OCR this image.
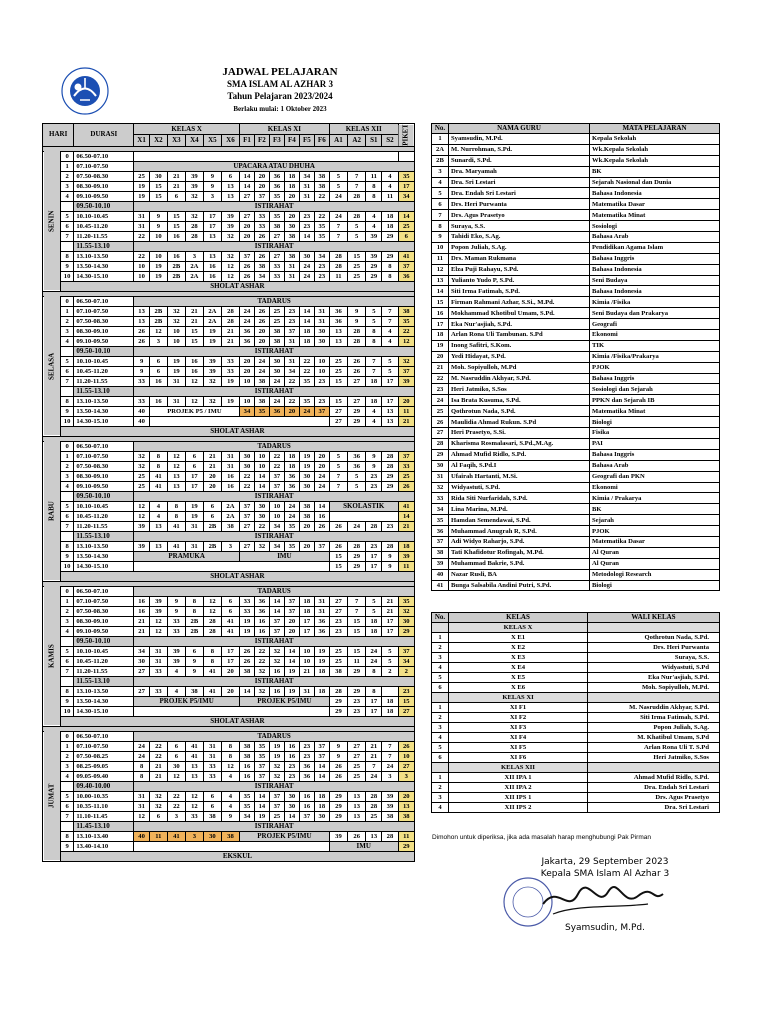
JADWAL PELAJARAN
SMA ISLAM AL AZHAR 3
Tahun Pelajaran 2023/2024
Berlaku mulai: 1 Oktober 2023
HARI		DURASI	KELAS X						KELAS XI						KELAS XII				PIKET
			X1	X2	X3	X4	X5	X6	F1	F2	F3	F4	F5	F6	A1	A2	S1	S2	

SENIN	0	06.50-07.10																	
	1	07.10-07.50	UPACARA ATAU DHUHA																
	2	07.50-08.30	25	30	21	39	9	6	14	20	36	18	34	38	5	7	11	4	35
	3	08.30-09.10	19	15	21	39	9	13	14	20	36	18	31	38	5	7	8	4	17
	4	09.10-09.50	19	15	6	32	3	13	27	37	35	20	31	22	24	28	8	11	34
		09.50-10.10	ISTIRAHAT																
	5	10.10-10.45	31	9	15	32	17	39	27	33	35	20	23	22	24	28	4	18	14
	6	10.45-11.20	31	9	15	28	17	39	20	33	38	30	23	35	7	5	4	18	25
	7	11.20-11.55	22	10	16	28	13	32	20	26	27	38	14	35	7	5	39	29	6
		11.55-13.10	ISTIRAHAT																
	8	13.10-13.50	22	10	16	3	13	32	37	26	27	38	30	34	28	15	39	29	41
	9	13.50-14.30	10	19	2B	2A	16	12	26	38	33	31	24	23	28	25	29	8	37
	10	14.30-15.10	10	19	2B	2A	16	12	26	34	33	31	24	23	11	25	29	8	36
	SHOLAT ASHAR																		

SELASA	0	06.50-07.10	TADARUS																
	1	07.10-07.50	13	2B	32	21	2A	28	24	26	25	23	14	31	36	9	5	7	38
	2	07.50-08.30	13	2B	32	21	2A	28	24	26	25	23	14	31	36	9	5	7	35
	3	08.30-09.10	26	12	10	15	19	21	36	20	38	37	18	30	13	28	8	4	22
	4	09.10-09.50	26	3	10	15	19	21	36	20	38	31	18	30	13	28	8	4	12
		09.50-10.10	ISTIRAHAT																
	5	10.10-10.45	9	6	19	16	39	33	20	24	30	31	22	10	25	26	7	5	32
	6	10.45-11.20	9	6	19	16	39	33	20	24	30	34	22	10	25	26	7	5	37
	7	11.20-11.55	33	16	31	12	32	19	10	38	24	22	35	23	15	27	18	17	39
		11.55-13.10	ISTIRAHAT																
	8	13.10-13.50	33	16	31	12	32	19	10	38	24	22	35	23	15	27	18	17	20
	9	13.50-14.30	40	PROJEK P5 / IMU					34	35	36	20	24	37	27	29	4	13	11
	10	14.30-15.10	40												27	29	4	13	21
	SHOLAT ASHAR																		

RABU	0	06.50-07.10	TADARUS																
	1	07.10-07.50	32	8	12	6	21	31	30	10	22	18	19	20	5	36	9	28	37
	2	07.50-08.30	32	8	12	6	21	31	30	10	22	18	19	20	5	36	9	28	33
	3	08.30-09.10	25	41	13	17	20	16	22	14	37	36	30	24	7	5	23	29	25
	4	09.10-09.50	25	41	13	17	20	16	22	14	37	36	30	24	7	5	23	29	26
		09.50-10.10	ISTIRAHAT																
	5	10.10-10.45	12	4	8	19	6	2A	37	30	10	24	38	14	SKOLASTIK				41
	6	10.45-11.20	12	4	8	19	6	2A	37	30	10	24	38	16					14
	7	11.20-11.55	39	13	41	31	2B	38	27	22	34	35	20	26	26	24	28	23	21
		11.55-13.10	ISTIRAHAT																
	8	13.10-13.50	39	13	41	31	2B	3	27	32	34	35	20	37	26	28	23	28	18
	9	13.50-14.30	PRAMUKA						IMU						15	29	17	9	39
	10	14.30-15.10													15	29	17	9	11
	SHOLAT ASHAR																		

KAMIS	0	06.50-07.10	TADARUS																
	1	07.10-07.50	16	39	9	8	12	6	33	36	14	37	18	31	27	7	5	21	35
	2	07.50-08.30	16	39	9	8	12	6	33	36	14	37	18	31	27	7	5	21	32
	3	08.30-09.10	21	12	33	2B	28	41	19	16	37	20	17	36	23	15	18	17	30
	4	09.10-09.50	21	12	33	2B	28	41	19	16	37	20	17	36	23	15	18	17	29
		09.50-10.10	ISTIRAHAT																
	5	10.10-10.45	34	31	39	6	8	17	26	22	32	14	10	19	25	15	24	5	37
	6	10.45-11.20	30	31	39	9	8	17	26	22	32	14	10	19	25	11	24	5	34
	7	11.20-11.55	27	33	4	9	41	20	38	32	16	19	21	18	38	29	8	2	2
		11.55-13.10	ISTIRAHAT																
	8	13.10-13.50	27	33	4	38	41	20	14	32	16	19	31	18	28	29	8		23
	9	13.50-14.30	PROJEK P5/IMU						PROJEK P5/IMU						29	23	17	18	15
	10	14.30-15.10													29	23	17	18	27
	SHOLAT ASHAR																		

JUMAT	0	06.50-07.10	TADARUS																
	1	07.10-07.50	24	22	6	41	31	8	38	35	19	16	23	37	9	27	21	7	26
	2	07.50-08.25	24	22	6	41	31	8	38	35	19	16	23	37	9	27	21	7	10
	3	08.25-09.05	8	21	30	13	33	12	16	37	32	23	36	14	26	25	7	24	27
	4	09.05-09.40	8	21	12	13	33	4	16	37	32	23	36	14	26	25	24	3	3
		09.40-10.00	ISTIRAHAT																
	5	10.00-10.35	31	32	22	12	6	4	35	14	37	30	16	18	29	13	28	39	20
	6	10.35-11.10	31	32	22	12	6	4	35	14	37	30	16	18	29	13	28	39	13
	7	11.10-11.45	12	6	3	33	38	9	34	19	25	14	37	30	29	13	25	38	38
		11.45-13.10	ISTIRAHAT																
	8	13.10-13.40	40	11	41	3	30	38	PROJEK P5/IMU						39	26	13	28	11
	9	13.40-14.10													IMU				29
	EKSKUL																		
No.	NAMA GURU	MATA PELAJARAN
1	Syamsudin, M.Pd.	Kepala Sekolah
2A	M. Nurrohman, S.Pd.	Wk.Kepala Sekolah
2B	Sunardi, S.Pd.	Wk.Kepala Sekolah
3	Dra. Maryamah	BK
4	Dra. Sri Lestari	Sejarah Nasional dan Dunia
5	Dra. Endah Sri Lestari	Bahasa Indonesia
6	Drs. Heri Purwanta	Matematika Dasar
7	Drs. Agus Prasetyo	Matematika Minat
8	Suraya, S.S.	Sosiologi
9	Tahidi Eko, S.Ag.	Bahasa Arab
10	Popon Juliah, S.Ag.	Pendidikan Agama Islam
11	Drs. Maman Rukmana	Bahasa Inggris
12	Elza Puji Rahayu, S.Pd.	Bahasa Indonesia
13	Yulianto Yudo P, S.Pd.	Seni Budaya
14	Siti Irma Fatimah, S.Pd.	Bahasa Indonesia
15	Firman Rahmani Azhar, S.Si., M.Pd.	Kimia /Fisika
16	Mokhammad Khotibul Umam, S.Pd.	Seni Budaya dan Prakarya
17	Eka Nur'asjiah, S.Pd.	Geografi
18	Arlan Rona Uli Tambunan. S.Pd	Ekonomi
19	Inong Safitri, S.Kom.	TIK
20	Yedi Hidayat, S.Pd.	Kimia /Fisika/Prakarya
21	Moh. Sopiyulloh, M.Pd	PJOK
22	M. Nasruddin Akhyar, S.Pd.	Bahasa Inggris
23	Heri Jatmiko, S.Sos	Sosiologi dan Sejarah
24	Isa Brata Kusuma, S.Pd.	PPKN dan Sejarah IB
25	Qothrotun Nada, S.Pd.	Matematika Minat
26	Maulidia Ahmad Rukun. S.Pd	Biologi
27	Heri Prasetyo, S.Si.	Fisika
28	Kharisma Rosmalasari, S.Pd.,M.Ag.	PAI
29	Ahmad Mufid Ridlo, S.Pd.	Bahasa Inggris
30	Al Faqih, S.Pd.I	Bahasa Arab
31	Ufairah Hartanti, M.Si.	Geografi dan PKN
32	Widyastuti, S.Pd.	Ekonomi
33	Rida Siti Nurfaridah, S.Pd.	Kimia / Prakarya
34	Lina Marina, M.Pd.	BK
35	Hamdan Semendawai, S.Pd.	Sejarah
36	Muhammad Anugrah R, S.Pd.	PJOK
37	Adi Widyo Raharjo, S.Pd.	Matematika Dasar
38	Tati Khafidotur Rofingah, M.Pd.	Al Quran
39	Muhammad Bakrie, S.Pd.	Al Quran
40	Nazar Rusli, BA	Metodologi Research
41	Bunga Salsabila Andini Putri, S.Pd.	Biologi
No.	KELAS	WALI KELAS
	KELAS X	
1	X E1	Qothrotun Nada, S.Pd.
2	X E2	Drs. Heri Purwanta
3	X E3	Suraya, S.S.
4	X E4	Widyastuti, S.Pd
5	X E5	Eka Nur'asjiah, S.Pd.
6	X E6	Moh. Sopiyulloh, M.Pd.
	KELAS XI	
1	XI F1	M. Nasruddin Akhyar, S.Pd.
2	XI F2	Siti Irma Fatimah, S.Pd.
3	XI F3	Popon Juliah, S.Ag.
4	XI F4	M. Khatibul Umam, S.Pd
5	XI F5	Arlan Rona Uli T. S.Pd
6	XI F6	Heri Jatmiko, S.Sos
	KELAS XII	
1	XII IPA 1	Ahmad Mufid Ridlo, S.Pd.
2	XII IPA 2	Dra. Endah Sri Lestari
3	XII IPS 1	Drs. Agus Prasetyo
4	XII IPS 2	Dra. Sri Lestari
Dimohon untuk diperiksa, jika ada masalah harap menghubungi Pak Pirman
Jakarta, 29 September 2023
Kepala SMA Islam Al Azhar 3
Syamsudin, M.Pd.
